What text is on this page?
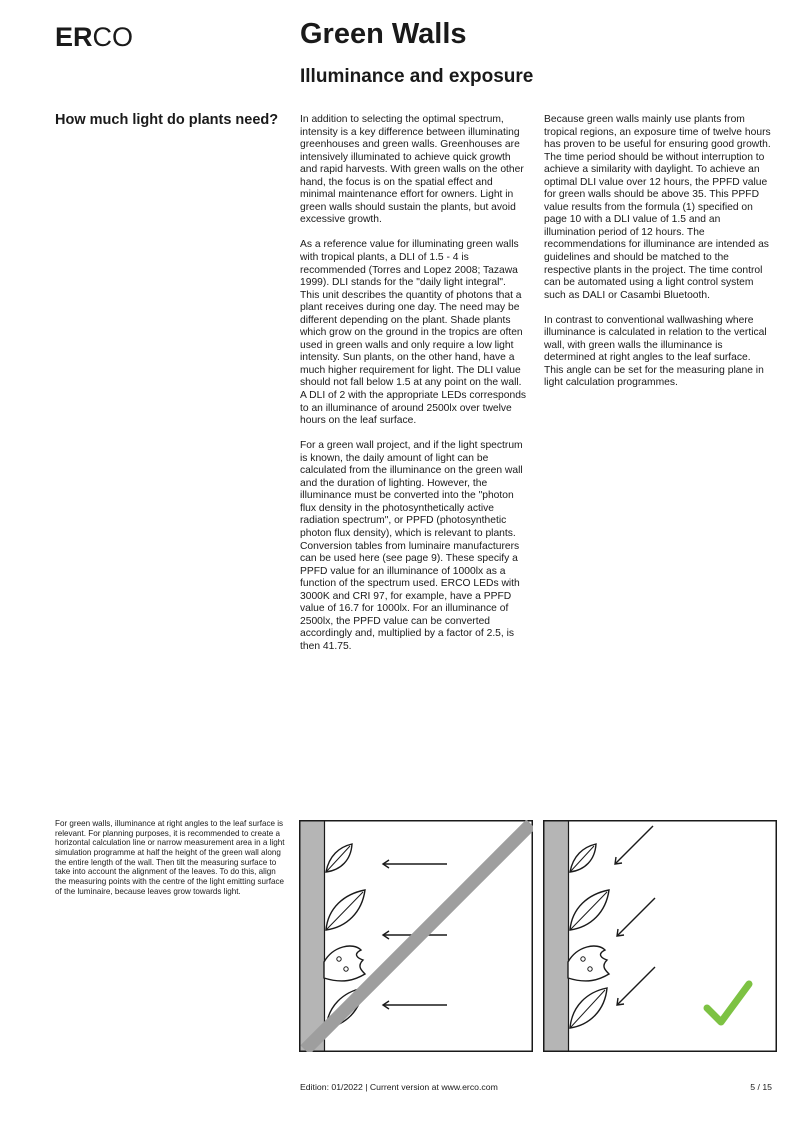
ERCO	Green Walls
Illuminance and exposure
How much light do plants need? In addition to selecting the optimal spectrum, intensity is a key difference between illuminating greenhouses and green walls. Greenhouses are intensively illuminated to achieve quick growth and rapid harvests. With green walls on the other hand, the focus is on the spatial effect and minimal maintenance effort for owners. Light in green walls should sustain the plants, but avoid excessive growth.

As a reference value for illuminating green walls with tropical plants, a DLI of 1.5 - 4 is recommended (Torres and Lopez 2008; Tazawa 1999). DLI stands for the "daily light integral". This unit describes the quantity of photons that a plant receives during one day. The need may be different depending on the plant. Shade plants which grow on the ground in the tropics are often used in green walls and only require a low light intensity. Sun plants, on the other hand, have a much higher requirement for light. The DLI value should not fall below 1.5 at any point on the wall. A DLI of 2 with the appropriate LEDs corresponds to an illuminance of around 2500lx over twelve hours on the leaf surface.

For a green wall project, and if the light spectrum is known, the daily amount of light can be calculated from the illuminance on the green wall and the duration of lighting. However, the illuminance must be converted into the "photon flux density in the photosynthetically active radiation spectrum", or PPFD (photosynthetic photon flux density), which is relevant to plants. Conversion tables from luminaire manufacturers can be used here (see page 9). These specify a PPFD value for an illuminance of 1000lx as a function of the spectrum used. ERCO LEDs with 3000K and CRI 97, for example, have a PPFD value of 16.7 for 1000lx. For an illuminance of 2500lx, the PPFD value can be converted accordingly and, multiplied by a factor of 2.5, is then 41.75.

Because green walls mainly use plants from tropical regions, an exposure time of twelve hours has proven to be useful for ensuring good growth. The time period should be without interruption to achieve a similarity with daylight. To achieve an optimal DLI value over 12 hours, the PPFD value for green walls should be above 35. This PPFD value results from the formula (1) specified on page 10 with a DLI value of 1.5 and an illumination period of 12 hours. The recommendations for illuminance are intended as guidelines and should be matched to the respective plants in the project. The time control can be automated using a light control system such as DALI or Casambi Bluetooth.

In contrast to conventional wallwashing where illuminance is calculated in relation to the vertical wall, with green walls the illuminance is determined at right angles to the leaf surface. This angle can be set for the measuring plane in light calculation programmes.

For green walls, illuminance at right angles to the leaf surface is relevant. For planning purposes, it is recommended to create a horizontal calculation line or narrow measurement area in a light simulation programme at half the height of the green wall along the entire length of the wall. Then tilt the measuring surface to take into account the alignment of the leaves. To do this, align the measuring points with the centre of the light emitting surface of the luminaire, because leaves grow towards light.

Edition: 01/2022 | Current version at www.erco.com	5 / 15
